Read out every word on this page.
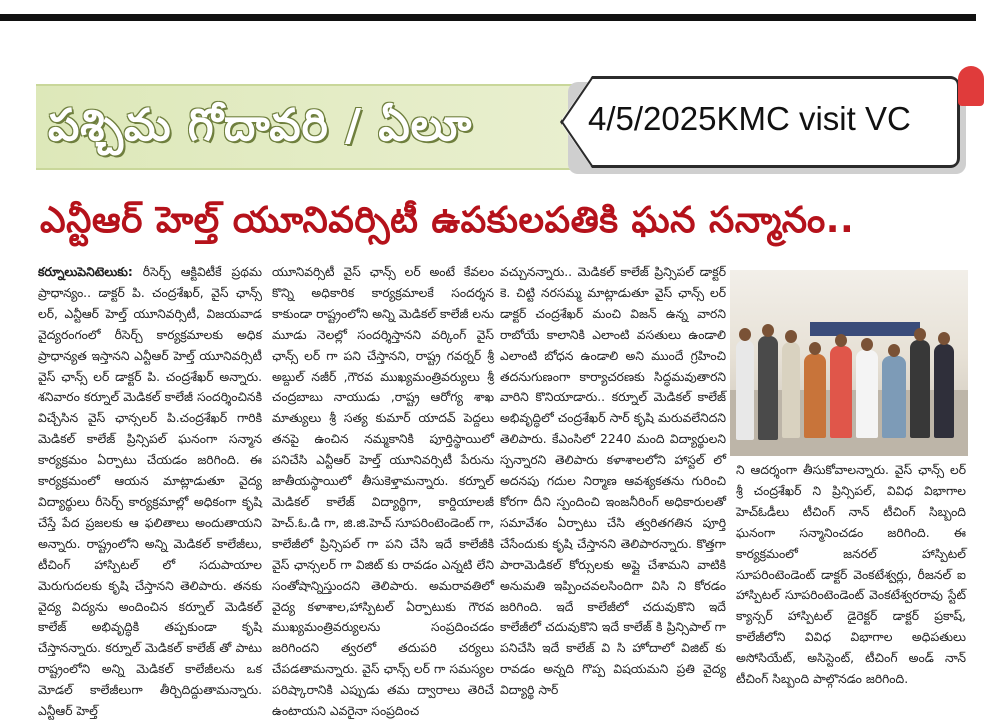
పశ్చిమ గోదావరి / ఏలూ	4/5/2025KMC visit VC
ఎన్టీఆర్ హెల్త్ యూనివర్సిటీ ఉపకులపతికి ఘన సన్మానం..
కర్నూలుపెనిటెలుకు: రీసెర్చ్ ఆక్టివిటీకే ప్రథమ ప్రాధాన్యం.. డాక్టర్ పి. చంద్రశేఖర్, వైస్ ఛాన్స్ లర్, ఎన్టీఆర్ హెల్త్ యూనివర్సిటీ, విజయవాడ వైద్యరంగంలో రీసెర్చ్ కార్యక్రమాలకు అధిక ప్రాధాన్యత ఇస్తానని ఎన్టీఆర్ హెల్త్ యూనివర్సిటీ వైస్ ఛాన్స్ లర్ డాక్టర్ పి. చంద్రశేఖర్ అన్నారు. శనివారం కర్నూల్ మెడికల్ కాలేజీ సందర్శించినకి విచ్చేసిన వైస్ ఛాన్సలర్ పి.చంద్రశేఖర్ గారికి మెడికల్ కాలేజ్ ప్రిన్సిపల్ ఘనంగా సన్మాన కార్యక్రమం ఏర్పాటు చేయడం జరిగింది. ఈ కార్యక్రమంలో ఆయన మాట్లాడుతూ వైద్య విద్యార్థులు రీసెర్చ్ కార్యక్రమాల్లో అధికంగా కృషి చేస్తే పేద ప్రజలకు ఆ ఫలితాలు అందుతాయని అన్నారు. రాష్ట్రంలోని అన్ని మెడికల్ కాలేజీలు, టీచింగ్ హాస్పిటల్ లో సదుపాయాల మెరుగుదలకు కృషి చేస్తానని తెలిపారు. తనకు వైద్య విద్యను అందించిన కర్నూల్ మెడికల్ కాలేజ్ అభివృద్ధికి తప్పకుండా కృషి చేస్తానన్నారు. కర్నూల్ మెడికల్ కాలేజ్ తో పాటు రాష్ట్రంలోని అన్ని మెడికల్ కాలేజీలను ఒక మోడల్ కాలేజీలుగా తీర్చిదిద్దుతామన్నారు. ఎన్టీఆర్ హెల్త్
యూనివర్సిటీ వైస్ ఛాన్స్ లర్ అంటే కేవలం కొన్ని అధికారిక కార్యక్రమాలకే సందర్శన కాకుండా రాష్ట్రంలోని అన్ని మెడికల్ కాలేజీ లను మూడు నెలల్లో సందర్శిస్తానని వర్కింగ్ వైస్ ఛాన్స్ లర్ గా పని చేస్తానని, రాష్ట్ర గవర్నర్ శ్రీ అబ్దుల్ నజీర్ ,గౌరవ ముఖ్యమంత్రివర్యులు శ్రీ చంద్రబాబు నాయుడు ,రాష్ట్ర ఆరోగ్య శాఖ మాత్యులు శ్రీ సత్య కుమార్ యాదవ్ పెద్దలు తనపై ఉంచిన నమ్మకానికి పూర్తిస్థాయిలో పనిచేసి ఎన్టీఆర్ హెల్త్ యూనివర్సిటీ పేరును జాతీయస్థాయిలో తీసుకెళ్తామన్నారు. కర్నూల్ మెడికల్ కాలేజ్ విద్యార్థిగా, కార్డియాలజీ హెచ్.ఓ.డి గా, జి.జి.హెచ్ సూపరింటెండెంట్ గా, కాలేజీలో ప్రిన్సిపల్ గా పని చేసి ఇదే కాలేజీకి వైస్ ఛాన్సలర్ గా విజిట్ కు రావడం ఎన్నటి లేని సంతోషాన్నిస్తుందని తెలిపారు. అమరావతిలో వైద్య కళాశాల,హాస్పిటల్ ఏర్పాటుకు గౌరవ ముఖ్యమంత్రివర్యులను సంప్రదించడం జరిగిందని త్వరలో తదుపరి చర్యలు చేపడతామన్నారు. వైస్ ఛాన్స్ లర్ గా సమస్యల పరిష్కారానికి ఎప్పుడు తమ ద్వారాలు తెరిచే ఉంటాయని ఎవరైనా సంప్రదించ
వచ్చునన్నారు.. మెడికల్ కాలేజ్ ప్రిన్సిపల్ డాక్టర్ కె. చిట్టి నరసమ్మ మాట్లాడుతూ వైస్ ఛాన్స్ లర్ డాక్టర్ చంద్రశేఖర్ మంచి విజన్ ఉన్న వారని రాబోయే కాలానికి ఎలాంటి వసతులు ఉండాలి ఎలాంటి బోధన ఉండాలి అని ముందే గ్రహించి తదనుగుణంగా కార్యాచరణకు సిద్ధమవుతారని వారిని కొనియాడారు.. కర్నూల్ మెడికల్ కాలేజ్ అభివృద్ధిలో చంద్రశేఖర్ సార్ కృషి మరువలేనిదని తెలిపారు. కేఎంసిలో 2240 మంది విద్యార్థులని స్పన్నారని తెలిపారు కళాశాలలోని హాస్టల్ లో అదనపు గదుల నిర్మాణ ఆవశ్యకతను గురించి కోరగా దీని స్పందించి ఇంజనీరింగ్ అధికారులతో సమావేశం ఏర్పాటు చేసి త్వరితగతిన పూర్తి చేసేందుకు కృషి చేస్తానని తెలిపారన్నారు. కొత్తగా పారామెడికల్ కోర్సులకు అప్లై చేశామని వాటికి అనుమతి ఇప్పించవలసిందిగా విసి ని కోరడం జరిగింది. ఇదే కాలేజీలో చదువుకొని ఇదే కాలేజీలో చదువుకొని ఇదే కాలేజ్ కి ప్రిన్సిపాల్ గా పనిచేసి ఇదే కాలేజ్ వి సి హోదాలో విజిట్ కు రావడం అన్నది గొప్ప విషయమని ప్రతి వైద్య విద్యార్థి సార్
ని ఆదర్శంగా తీసుకోవాలన్నారు. వైస్ ఛాన్స్ లర్ శ్రీ చంద్రశేఖర్ ని ప్రిన్సిపల్, వివిధ విభాగాల హెచ్ఓడీలు టీచింగ్ నాన్ టీచింగ్ సిబ్బంది ఘనంగా సన్మానించడం జరిగింది. ఈ కార్యక్రమంలో జనరల్ హాస్పిటల్ సూపరింటెండెంట్ డాక్టర్ వెంకటేశ్వర్లు, రీజనల్ ఐ హాస్పిటల్ సూపరింటెండెంట్ వెంకటేశ్వరరావు స్టేట్ క్యాన్సర్ హాస్పిటల్ డైరెక్టర్ డాక్టర్ ప్రకాష్, కాలేజీలోని వివిధ విభాగాల అధిపతులు అసోసియేట్, అసిస్టెంట్, టీచింగ్ అండ్ నాన్ టీచింగ్ సిబ్బంది పాల్గొనడం జరిగింది.
